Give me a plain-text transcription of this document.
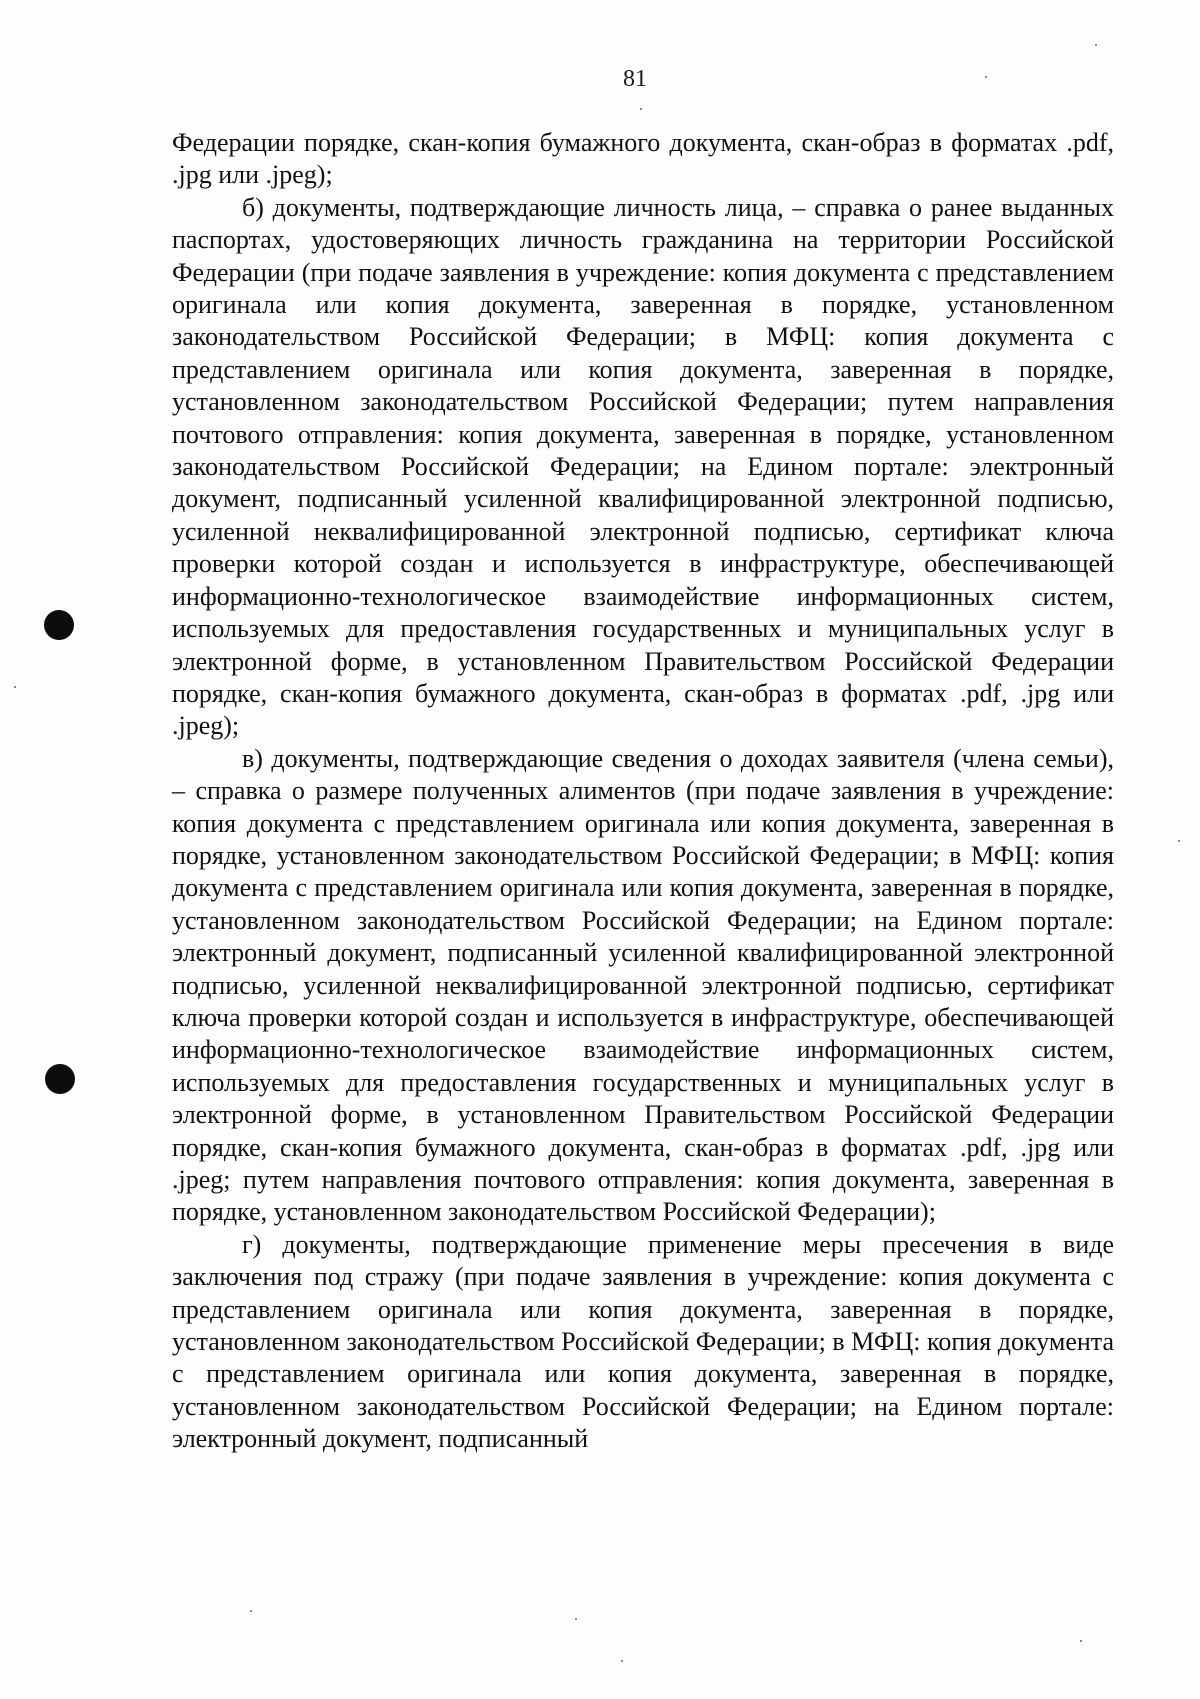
81

Федерации порядке, скан-копия бумажного документа, скан-образ в форматах .pdf, .jpg или .jpeg);

б) документы, подтверждающие личность лица, – справка о ранее выданных паспортах, удостоверяющих личность гражданина на территории Российской Федерации (при подаче заявления в учреждение: копия документа с представлением оригинала или копия документа, заверенная в порядке, установленном законодательством Российской Федерации; в МФЦ: копия документа с представлением оригинала или копия документа, заверенная в порядке, установленном законодательством Российской Федерации; путем направления почтового отправления: копия документа, заверенная в порядке, установленном законодательством Российской Федерации; на Едином портале: электронный документ, подписанный усиленной квалифицированной электронной подписью, усиленной неквалифицированной электронной подписью, сертификат ключа проверки которой создан и используется в инфраструктуре, обеспечивающей информационно-технологическое взаимодействие информационных систем, используемых для предоставления государственных и муниципальных услуг в электронной форме, в установленном Правительством Российской Федерации порядке, скан-копия бумажного документа, скан-образ в форматах .pdf, .jpg или .jpeg);

в) документы, подтверждающие сведения о доходах заявителя (члена семьи), – справка о размере полученных алиментов (при подаче заявления в учреждение: копия документа с представлением оригинала или копия документа, заверенная в порядке, установленном законодательством Российской Федерации; в МФЦ: копия документа с представлением оригинала или копия документа, заверенная в порядке, установленном законодательством Российской Федерации; на Едином портале: электронный документ, подписанный усиленной квалифицированной электронной подписью, усиленной неквалифицированной электронной подписью, сертификат ключа проверки которой создан и используется в инфраструктуре, обеспечивающей информационно-технологическое взаимодействие информационных систем, используемых для предоставления государственных и муниципальных услуг в электронной форме, в установленном Правительством Российской Федерации порядке, скан-копия бумажного документа, скан-образ в форматах .pdf, .jpg или .jpeg; путем направления почтового отправления: копия документа, заверенная в порядке, установленном законодательством Российской Федерации);

г) документы, подтверждающие применение меры пресечения в виде заключения под стражу (при подаче заявления в учреждение: копия документа с представлением оригинала или копия документа, заверенная в порядке, установленном законодательством Российской Федерации; в МФЦ: копия документа с представлением оригинала или копия документа, заверенная в порядке, установленном законодательством Российской Федерации; на Едином портале: электронный документ, подписанный
